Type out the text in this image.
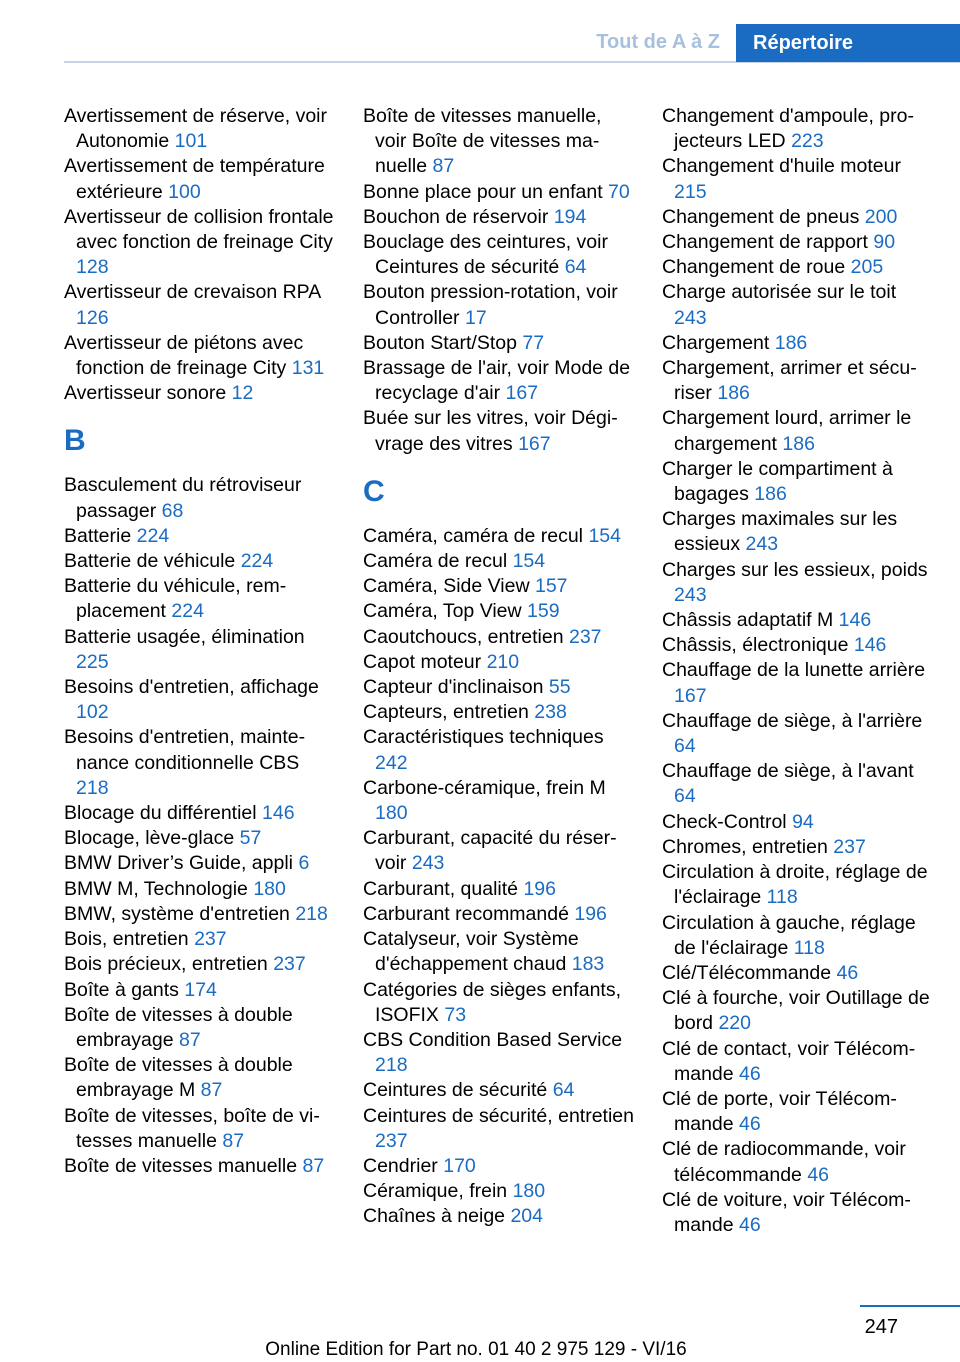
Tout de A à Z	Répertoire
Avertissement de réserve, voir Autonomie 101
Avertissement de température extérieure 100
Avertisseur de collision frontale avec fonction de freinage City 128
Avertisseur de crevaison RPA 126
Avertisseur de piétons avec fonction de freinage City 131
Avertisseur sonore 12
B
Basculement du rétroviseur passager 68
Batterie 224
Batterie de véhicule 224
Batterie du véhicule, remplacement 224
Batterie usagée, élimination 225
Besoins d'entretien, affichage 102
Besoins d'entretien, maintenance conditionnelle CBS 218
Blocage du différentiel 146
Blocage, lève-glace 57
BMW Driver’s Guide, appli 6
BMW M, Technologie 180
BMW, système d'entretien 218
Bois, entretien 237
Bois précieux, entretien 237
Boîte à gants 174
Boîte de vitesses à double embrayage 87
Boîte de vitesses à double embrayage M 87
Boîte de vitesses, boîte de vitesses manuelle 87
Boîte de vitesses manuelle 87
Boîte de vitesses manuelle, voir Boîte de vitesses manuelle 87
Bonne place pour un enfant 70
Bouchon de réservoir 194
Bouclage des ceintures, voir Ceintures de sécurité 64
Bouton pression-rotation, voir Controller 17
Bouton Start/Stop 77
Brassage de l'air, voir Mode de recyclage d'air 167
Buée sur les vitres, voir Dégivrage des vitres 167
C
Caméra, caméra de recul 154
Caméra de recul 154
Caméra, Side View 157
Caméra, Top View 159
Caoutchoucs, entretien 237
Capot moteur 210
Capteur d'inclinaison 55
Capteurs, entretien 238
Caractéristiques techniques 242
Carbone-céramique, frein M 180
Carburant, capacité du réservoir 243
Carburant, qualité 196
Carburant recommandé 196
Catalyseur, voir Système d'échappement chaud 183
Catégories de sièges enfants, ISOFIX 73
CBS Condition Based Service 218
Ceintures de sécurité 64
Ceintures de sécurité, entretien 237
Cendrier 170
Céramique, frein 180
Chaînes à neige 204
Changement d'ampoule, projecteurs LED 223
Changement d'huile moteur 215
Changement de pneus 200
Changement de rapport 90
Changement de roue 205
Charge autorisée sur le toit 243
Chargement 186
Chargement, arrimer et sécuriser 186
Chargement lourd, arrimer le chargement 186
Charger le compartiment à bagages 186
Charges maximales sur les essieux 243
Charges sur les essieux, poids 243
Châssis adaptatif M 146
Châssis, électronique 146
Chauffage de la lunette arrière 167
Chauffage de siège, à l'arrière 64
Chauffage de siège, à l'avant 64
Check-Control 94
Chromes, entretien 237
Circulation à droite, réglage de l'éclairage 118
Circulation à gauche, réglage de l'éclairage 118
Clé/Télécommande 46
Clé à fourche, voir Outillage de bord 220
Clé de contact, voir Télécommande 46
Clé de porte, voir Télécommande 46
Clé de radiocommande, voir télécommande 46
Clé de voiture, voir Télécommande 46
247
Online Edition for Part no. 01 40 2 975 129 - VI/16
